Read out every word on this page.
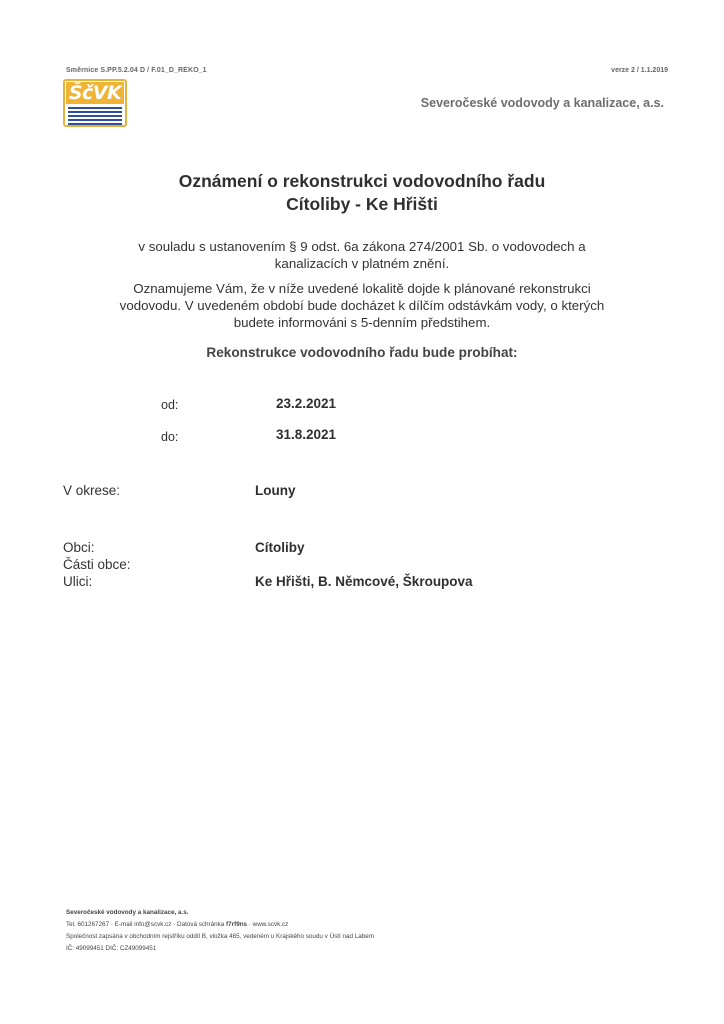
Směrnice S.PP.5.2.04 D / F.01_D_REKO_1	verze 2 / 1.1.2019
ŠčVK	Severočeské vodovody a kanalizace, a.s.
Oznámení o rekonstrukci vodovodního řadu
Cítoliby - Ke Hřišti
v souladu s ustanovením § 9 odst. 6a zákona 274/2001 Sb. o vodovodech a
kanalizacích v platném znění.
Oznamujeme Vám, že v níže uvedené lokalitě dojde k plánované rekonstrukci
vodovodu. V uvedeném období bude docházet k dílčím odstávkám vody, o kterých
budete informováni s 5-denním předstihem.
Rekonstrukce vodovodního řadu bude probíhat:
od:	23.2.2021
do:	31.8.2021
V okrese:	Louny
Obci:	Cítoliby
Části obce:
Ulici:	Ke Hřišti, B. Němcové, Škroupova
Severočeské vodovody a kanalizace, a.s.
Tel. 601267267 · E-mail info@scvk.cz · Datová schránka f7rf9ns · www.scvk.cz
Společnost zapsána v obchodním rejstříku oddíl B, vložka 465, vedeném u Krajského soudu v Ústí nad Labem
IČ: 49099451 DIČ: CZ49099451
